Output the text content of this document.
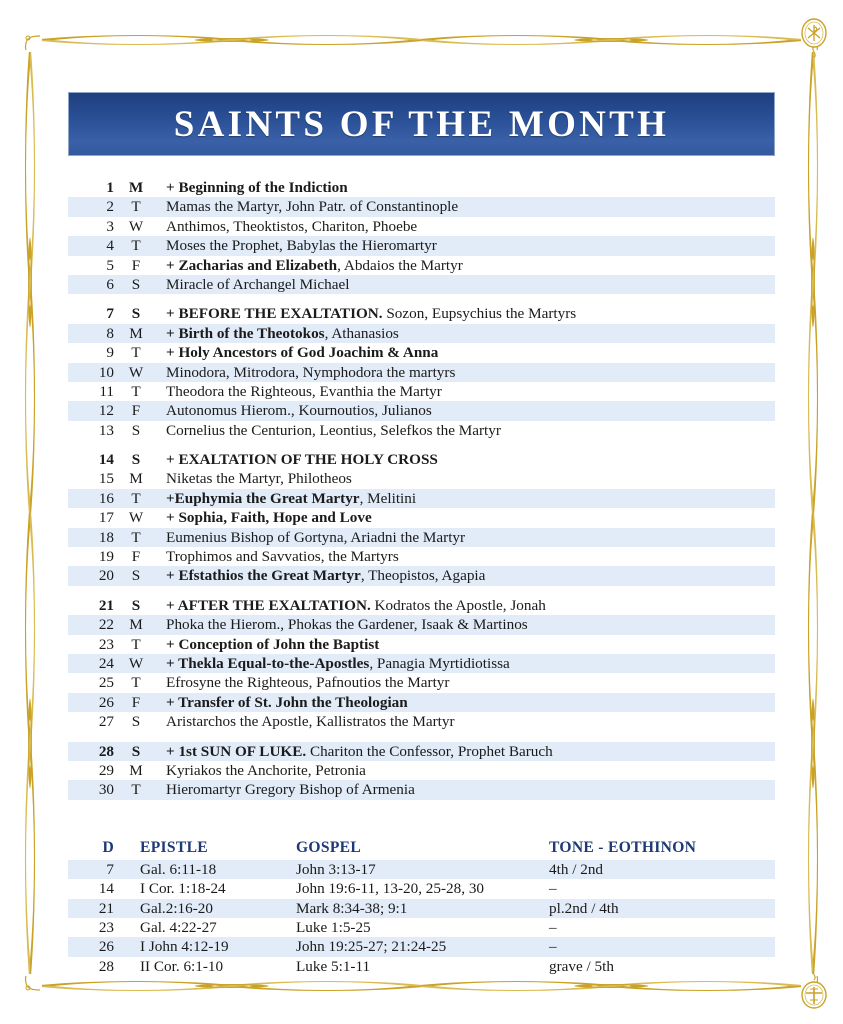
SAINTS OF THE MONTH
1 M	+ Beginning of the Indiction
2	T	Mamas the Martyr, John Patr. of Constantinople
3 W	Anthimos, Theoktistos, Chariton, Phoebe
4	T	Moses the Prophet, Babylas the Hieromartyr
5	F	+ Zacharias and Elizabeth, Abdaios the Martyr
6	S	Miracle of Archangel Michael
7	S	+ BEFORE THE EXALTATION. Sozon, Eupsychius the Martyrs
8	M	+ Birth of the Theotokos, Athanasios
9	T	+ Holy Ancestors of God Joachim & Anna
10 W	Minodora, Mitrodora, Nymphodora the martyrs
11	T	Theodora the Righteous, Evanthia the Martyr
12	F	Autonomus Hierom., Kournoutios, Julianos
13	S	Cornelius the Centurion, Leontius, Selefkos the Martyr
14	S	+ EXALTATION OF THE HOLY CROSS
15	M	Niketas the Martyr, Philotheos
16	T	+Euphymia the Great Martyr, Melitini
17 W	+ Sophia, Faith, Hope and Love
18	T	Eumenius Bishop of Gortyna, Ariadni the Martyr
19	F	Trophimos and Savvatios, the Martyrs
20	S	+ Efstathios the Great Martyr, Theopistos, Agapia
21	S	+ AFTER THE EXALTATION. Kodratos the Apostle, Jonah
22	M	Phoka the Hierom., Phokas the Gardener, Isaak & Martinos
23	T	+ Conception of John the Baptist
24 W	+ Thekla Equal-to-the-Apostles, Panagia Myrtidiotissa
25	T	Efrosyne the Righteous, Pafnoutios the Martyr
26	F	+ Transfer of St. John the Theologian
27	S	Aristarchos the Apostle, Kallistratos the Martyr
28	S	+ 1st SUN OF LUKE. Chariton the Confessor, Prophet Baruch
29	M	Kyriakos the Anchorite, Petronia
30	T	Hieromartyr Gregory Bishop of Armenia
D	EPISTLE	GOSPEL	TONE - EOTHINON
7	Gal. 6:11-18	John 3:13-17	4th / 2nd
14	I Cor. 1:18-24	John 19:6-11, 13-20, 25-28, 30	–
21	Gal.2:16-20	Mark 8:34-38; 9:1	pl.2nd / 4th
23	Gal. 4:22-27	Luke 1:5-25	–
26	I John 4:12-19	John 19:25-27; 21:24-25	–
28	II Cor. 6:1-10	Luke 5:1-11	grave / 5th
